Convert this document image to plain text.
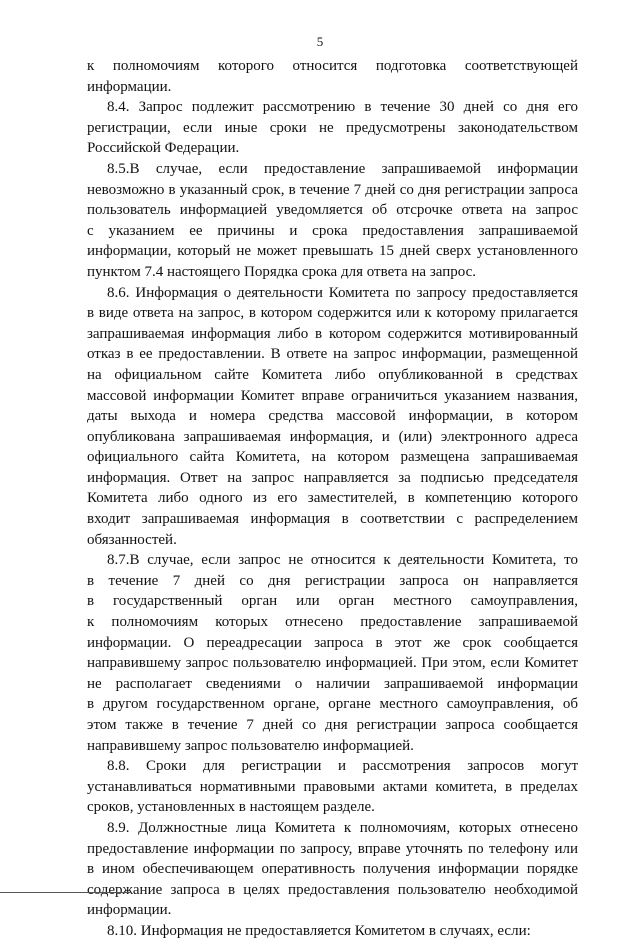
5
к полномочиям которого относится подготовка соответствующей
информации.
8.4. Запрос подлежит рассмотрению в течение 30 дней со дня его
регистрации, если иные сроки не предусмотрены законодательством
Российской Федерации.
8.5.В случае, если предоставление запрашиваемой информации
невозможно в указанный срок, в течение 7 дней со дня регистрации запроса
пользователь информацией уведомляется об отсрочке ответа на запрос
с указанием ее причины и срока предоставления запрашиваемой
информации, который не может превышать 15 дней сверх установленного
пунктом 7.4 настоящего Порядка срока для ответа на запрос.
8.6. Информация о деятельности Комитета по запросу предоставляется
в виде ответа на запрос, в котором содержится или к которому прилагается
запрашиваемая информация либо в котором содержится мотивированный
отказ в ее предоставлении. В ответе на запрос информации, размещенной
на официальном сайте Комитета либо опубликованной в средствах
массовой информации Комитет вправе ограничиться указанием названия,
даты выхода и номера средства массовой информации, в котором
опубликована запрашиваемая информация, и (или) электронного адреса
официального сайта Комитета, на котором размещена запрашиваемая
информация. Ответ на запрос направляется за подписью председателя
Комитета либо одного из его заместителей, в компетенцию которого
входит запрашиваемая информация в соответствии с распределением
обязанностей.
8.7.В случае, если запрос не относится к деятельности Комитета, то
в течение 7 дней со дня регистрации запроса он направляется
в государственный орган или орган местного самоуправления,
к полномочиям которых отнесено предоставление запрашиваемой
информации. О переадресации запроса в этот же срок сообщается
направившему запрос пользователю информацией. При этом, если Комитет
не располагает сведениями о наличии запрашиваемой информации
в другом государственном органе, органе местного самоуправления, об
этом также в течение 7 дней со дня регистрации запроса сообщается
направившему запрос пользователю информацией.
8.8. Сроки для регистрации и рассмотрения запросов могут
устанавливаться нормативными правовыми актами комитета, в пределах
сроков, установленных в настоящем разделе.
8.9. Должностные лица Комитета к полномочиям, которых отнесено
предоставление информации по запросу, вправе уточнять по телефону или
в ином обеспечивающем оперативность получения информации порядке
содержание запроса в целях предоставления пользователю необходимой
информации.
8.10. Информация не предоставляется Комитетом в случаях, если:
